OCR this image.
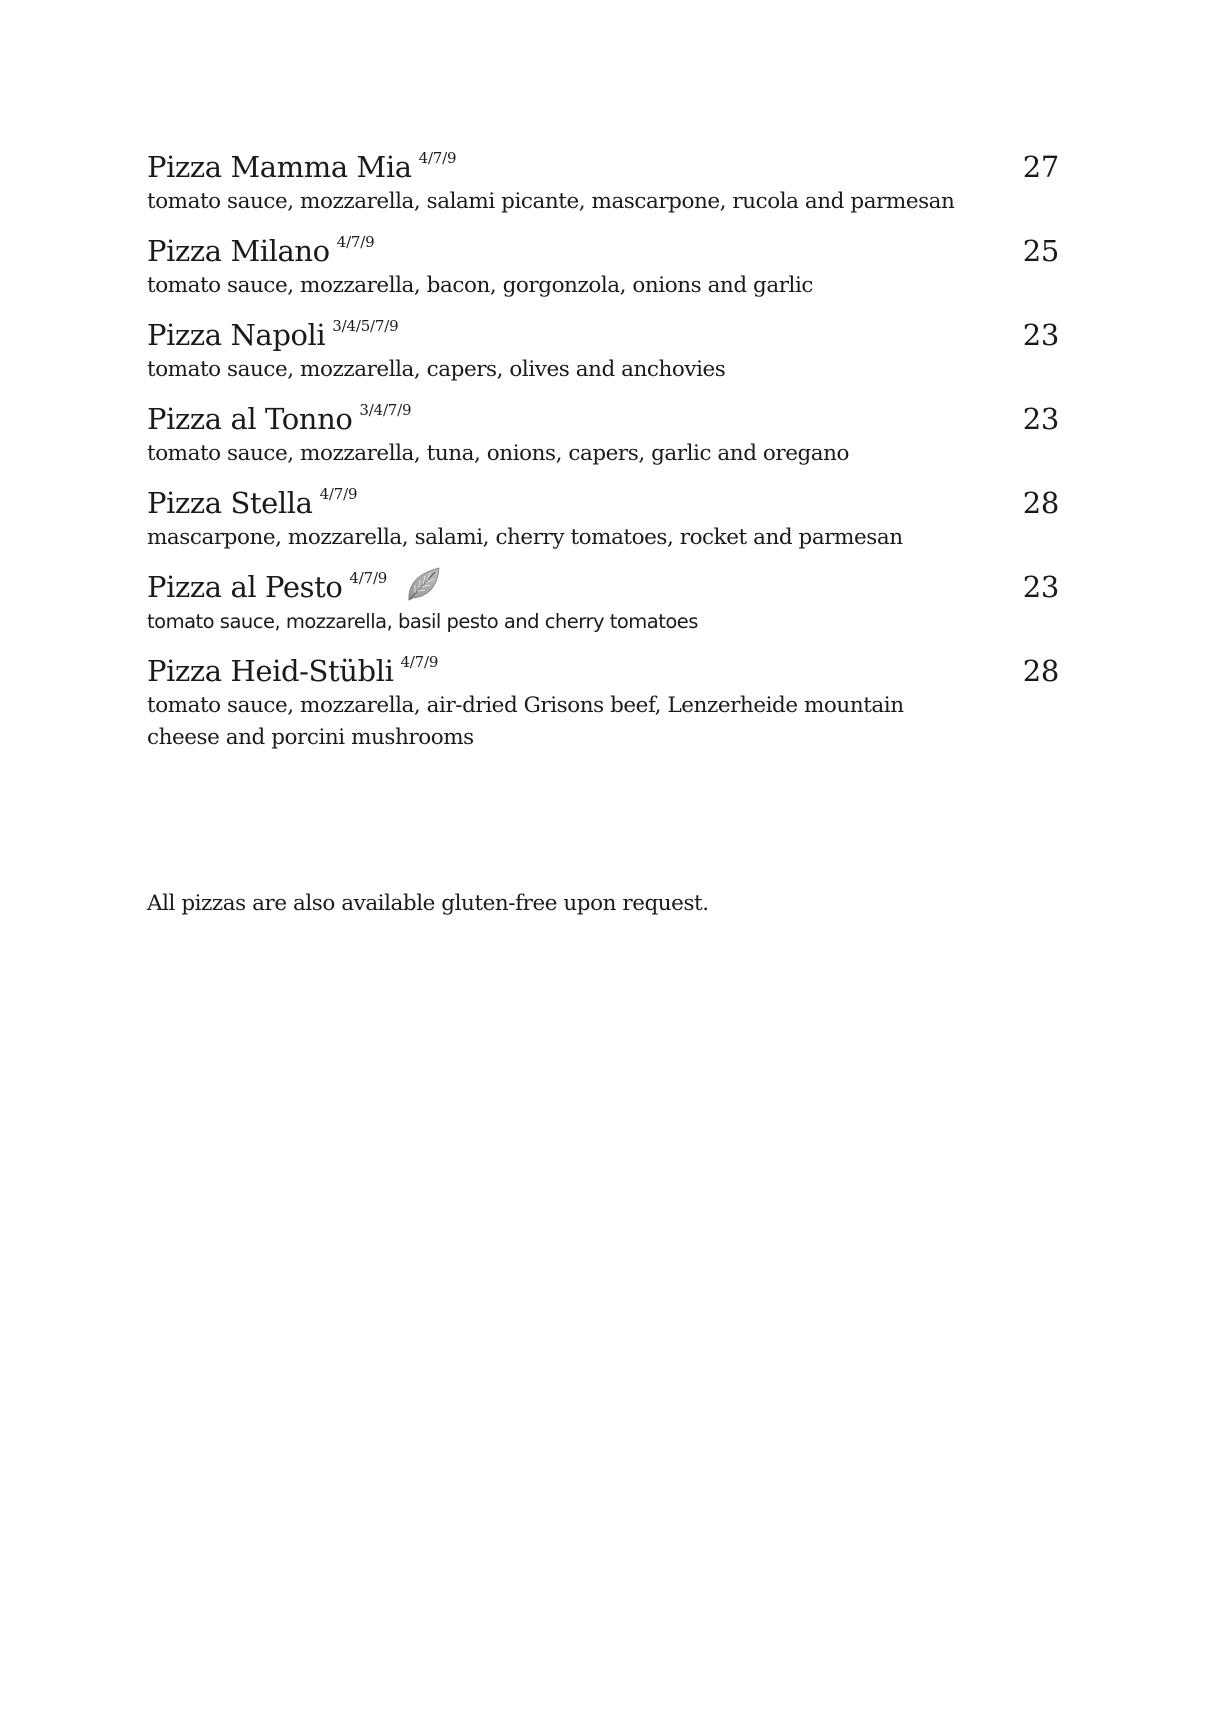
Pizza Mamma Mia 4/7/9	27
tomato sauce, mozzarella, salami picante, mascarpone, rucola and parmesan
Pizza Milano 4/7/9	25
tomato sauce, mozzarella, bacon, gorgonzola, onions and garlic
Pizza Napoli 3/4/5/7/9	23
tomato sauce, mozzarella, capers, olives and anchovies
Pizza al Tonno 3/4/7/9	23
tomato sauce, mozzarella, tuna, onions, capers, garlic and oregano
Pizza Stella 4/7/9	28
mascarpone, mozzarella, salami, cherry tomatoes, rocket and parmesan
Pizza al Pesto 4/7/9	23
tomato sauce, mozzarella, basil pesto and cherry tomatoes
Pizza Heid-Stübli 4/7/9	28
tomato sauce, mozzarella, air-dried Grisons beef, Lenzerheide mountain cheese and porcini mushrooms
All pizzas are also available gluten-free upon request.
